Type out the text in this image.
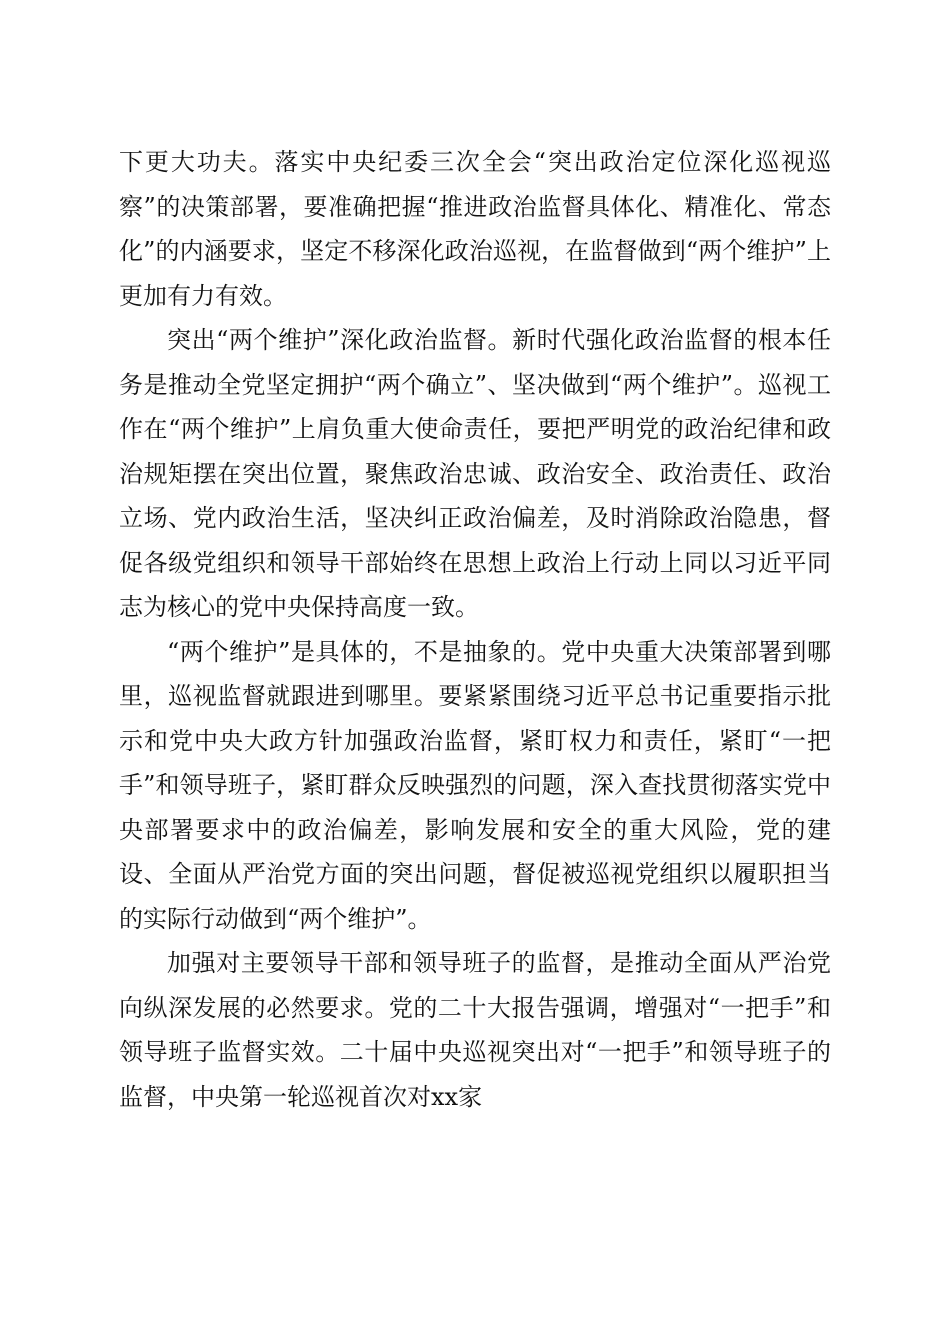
下更大功夫。落实中央纪委三次全会“突出政治定位深化巡视巡察”的决策部署，要准确把握“推进政治监督具体化、精准化、常态化”的内涵要求，坚定不移深化政治巡视，在监督做到“两个维护”上更加有力有效。

突出“两个维护”深化政治监督。新时代强化政治监督的根本任务是推动全党坚定拥护“两个确立”、坚决做到“两个维护”。巡视工作在“两个维护”上肩负重大使命责任，要把严明党的政治纪律和政治规矩摆在突出位置，聚焦政治忠诚、政治安全、政治责任、政治立场、党内政治生活，坚决纠正政治偏差，及时消除政治隐患，督促各级党组织和领导干部始终在思想上政治上行动上同以习近平同志为核心的党中央保持高度一致。

“两个维护”是具体的，不是抽象的。党中央重大决策部署到哪里，巡视监督就跟进到哪里。要紧紧围绕习近平总书记重要指示批示和党中央大政方针加强政治监督，紧盯权力和责任，紧盯“一把手”和领导班子，紧盯群众反映强烈的问题，深入查找贯彻落实党中央部署要求中的政治偏差，影响发展和安全的重大风险，党的建设、全面从严治党方面的突出问题，督促被巡视党组织以履职担当的实际行动做到“两个维护”。

加强对主要领导干部和领导班子的监督，是推动全面从严治党向纵深发展的必然要求。党的二十大报告强调，增强对“一把手”和领导班子监督实效。二十届中央巡视突出对“一把手”和领导班子的监督，中央第一轮巡视首次对xx家
